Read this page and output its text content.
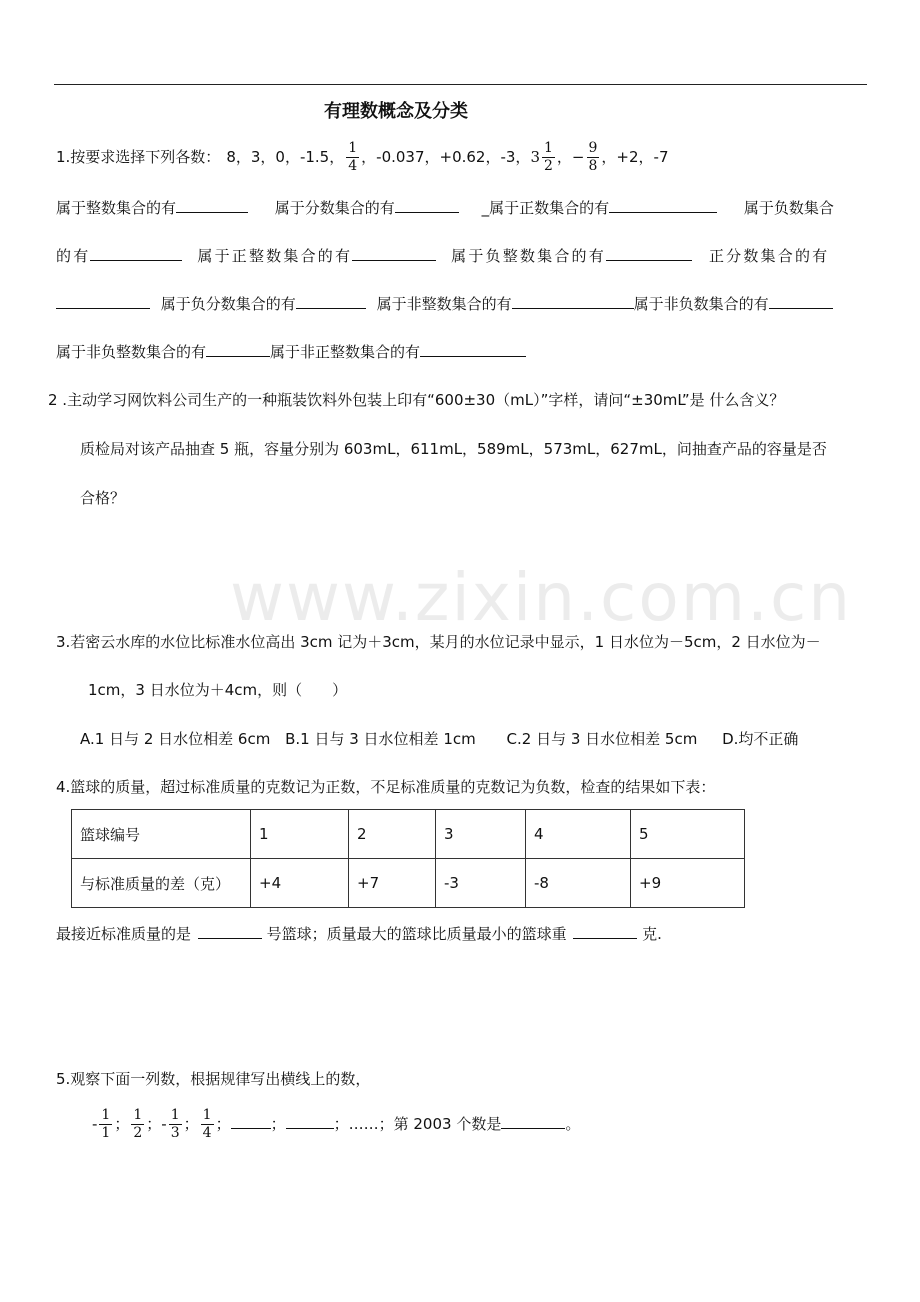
www.zixin.com.cn
有理数概念及分类
1.按要求选择下列各数： 8，3，0，-1.5， $\frac{1}{4}$ ，-0.037，+0.62，-3，$3 \frac{1}{2}$ ，− $\frac{9}{8}$ ，+2，-7
属于整数集合的有	属于分数集合的有	_属于正数集合的有	属于负数集合
的有	属于正整数集合的有	属于负整数集合的有	正分数集合的有
属于负分数集合的有	属于非整数集合的有	属于非负数集合的有
属于非负整数集合的有	属于非正整数集合的有
2 .主动学习网饮料公司生产的一种瓶装饮料外包装上印有“600±30（mL）”字样，请问“±30mL”是 什么含义？
质检局对该产品抽查 5 瓶，容量分别为 603mL，611mL，589mL，573mL，627mL，问抽查产品的容量是否
合格？
3.若密云水库的水位比标准水位高出 3cm 记为＋3cm，某月的水位记录中显示，1 日水位为－5cm，2 日水位为－
1cm，3 日水位为＋4cm，则（　　）
A.1 日与 2 日水位相差 6cm B.1 日与 3 日水位相差 1cm C.2 日与 3 日水位相差 5cm D.均不正确
4.篮球的质量，超过标准质量的克数记为正数，不足标准质量的克数记为负数，检查的结果如下表：
篮球编号	1	2	3	4	5
与标准质量的差（克）	+4	+7	-3	-8	+9
最接近标准质量的是	号篮球；质量最大的篮球比质量最小的篮球重	克.
5.观察下面一列数，根据规律写出横线上的数，
- $\frac{1}{1}$ ； $\frac{1}{2}$ ；- $\frac{1}{3}$ ； $\frac{1}{4}$ ；	；	；……；第 2003 个数是	。
